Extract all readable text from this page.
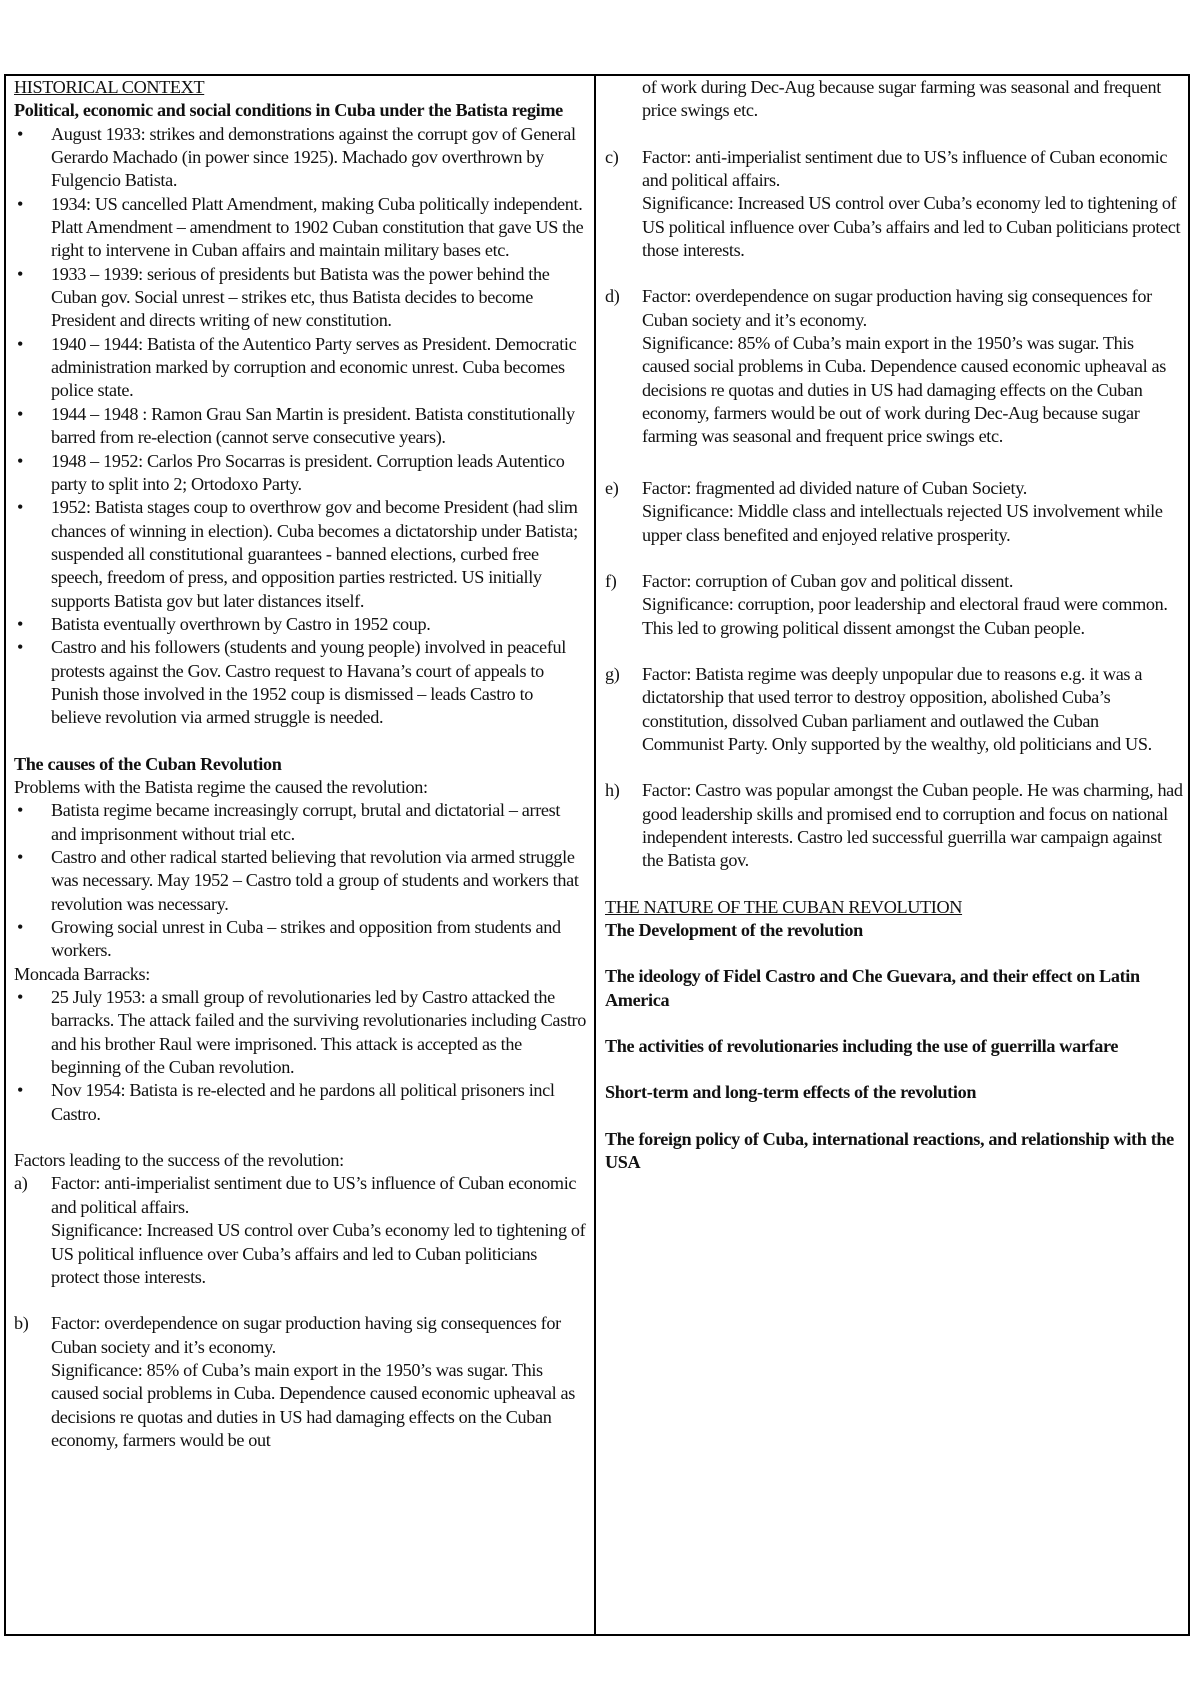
HISTORICAL CONTEXT

Political, economic and social conditions in Cuba under the Batista regime

• August 1933: strikes and demonstrations against the corrupt gov of General Gerardo Machado (in power since 1925). Machado gov overthrown by Fulgencio Batista.
• 1934: US cancelled Platt Amendment, making Cuba politically independent. Platt Amendment – amendment to 1902 Cuban constitution that gave US the right to intervene in Cuban affairs and maintain military bases etc.
• 1933 – 1939: serious of presidents but Batista was the power behind the Cuban gov. Social unrest – strikes etc, thus Batista decides to become President and directs writing of new constitution.
• 1940 – 1944: Batista of the Autentico Party serves as President. Democratic administration marked by corruption and economic unrest. Cuba becomes police state.
• 1944 – 1948 : Ramon Grau San Martin is president. Batista constitutionally barred from re-election (cannot serve consecutive years).
• 1948 – 1952: Carlos Pro Socarras is president. Corruption leads Autentico party to split into 2; Ortodoxo Party.
• 1952: Batista stages coup to overthrow gov and become President (had slim chances of winning in election). Cuba becomes a dictatorship under Batista; suspended all constitutional guarantees - banned elections, curbed free speech, freedom of press, and opposition parties restricted. US initially supports Batista gov but later distances itself.
• Batista eventually overthrown by Castro in 1952 coup.
• Castro and his followers (students and young people) involved in peaceful protests against the Gov. Castro request to Havana’s court of appeals to Punish those involved in the 1952 coup is dismissed – leads Castro to believe revolution via armed struggle is needed.

The causes of the Cuban Revolution

Problems with the Batista regime the caused the revolution:

• Batista regime became increasingly corrupt, brutal and dictatorial – arrest and imprisonment without trial etc.
• Castro and other radical started believing that revolution via armed struggle was necessary. May 1952 – Castro told a group of students and workers that revolution was necessary.
• Growing social unrest in Cuba – strikes and opposition from students and workers.

Moncada Barracks:

• 25 July 1953: a small group of revolutionaries led by Castro attacked the barracks. The attack failed and the surviving revolutionaries including Castro and his brother Raul were imprisoned. This attack is accepted as the beginning of the Cuban revolution.
• Nov 1954: Batista is re-elected and he pardons all political prisoners incl Castro.

Factors leading to the success of the revolution:

a) Factor: anti-imperialist sentiment due to US’s influence of Cuban economic and political affairs.

Significance: Increased US control over Cuba’s economy led to tightening of US political influence over Cuba’s affairs and led to Cuban politicians protect those interests.

b) Factor: overdependence on sugar production having sig consequences for Cuban society and it’s economy.

Significance: 85% of Cuba’s main export in the 1950’s was sugar. This caused social problems in Cuba. Dependence caused economic upheaval as decisions re quotas and duties in US had damaging effects on the Cuban economy, farmers would be out

of work during Dec-Aug because sugar farming was seasonal and frequent price swings etc.

c) Factor: anti-imperialist sentiment due to US’s influence of Cuban economic and political affairs.

Significance: Increased US control over Cuba’s economy led to tightening of US political influence over Cuba’s affairs and led to Cuban politicians protect those interests.

d) Factor: overdependence on sugar production having sig consequences for Cuban society and it’s economy.

Significance: 85% of Cuba’s main export in the 1950’s was sugar. This caused social problems in Cuba. Dependence caused economic upheaval as decisions re quotas and duties in US had damaging effects on the Cuban economy, farmers would be out of work during Dec-Aug because sugar farming was seasonal and frequent price swings etc.

e) Factor: fragmented ad divided nature of Cuban Society.

Significance: Middle class and intellectuals rejected US involvement while upper class benefited and enjoyed relative prosperity.

f) Factor: corruption of Cuban gov and political dissent.

Significance: corruption, poor leadership and electoral fraud were common. This led to growing political dissent amongst the Cuban people.

g) Factor: Batista regime was deeply unpopular due to reasons e.g. it was a dictatorship that used terror to destroy opposition, abolished Cuba’s constitution, dissolved Cuban parliament and outlawed the Cuban Communist Party. Only supported by the wealthy, old politicians and US.

h) Factor: Castro was popular amongst the Cuban people. He was charming, had good leadership skills and promised end to corruption and focus on national independent interests. Castro led successful guerrilla war campaign against the Batista gov.

THE NATURE OF THE CUBAN REVOLUTION

The Development of the revolution

The ideology of Fidel Castro and Che Guevara, and their effect on Latin America

The activities of revolutionaries including the use of guerrilla warfare

Short-term and long-term effects of the revolution

The foreign policy of Cuba, international reactions, and relationship with the USA
